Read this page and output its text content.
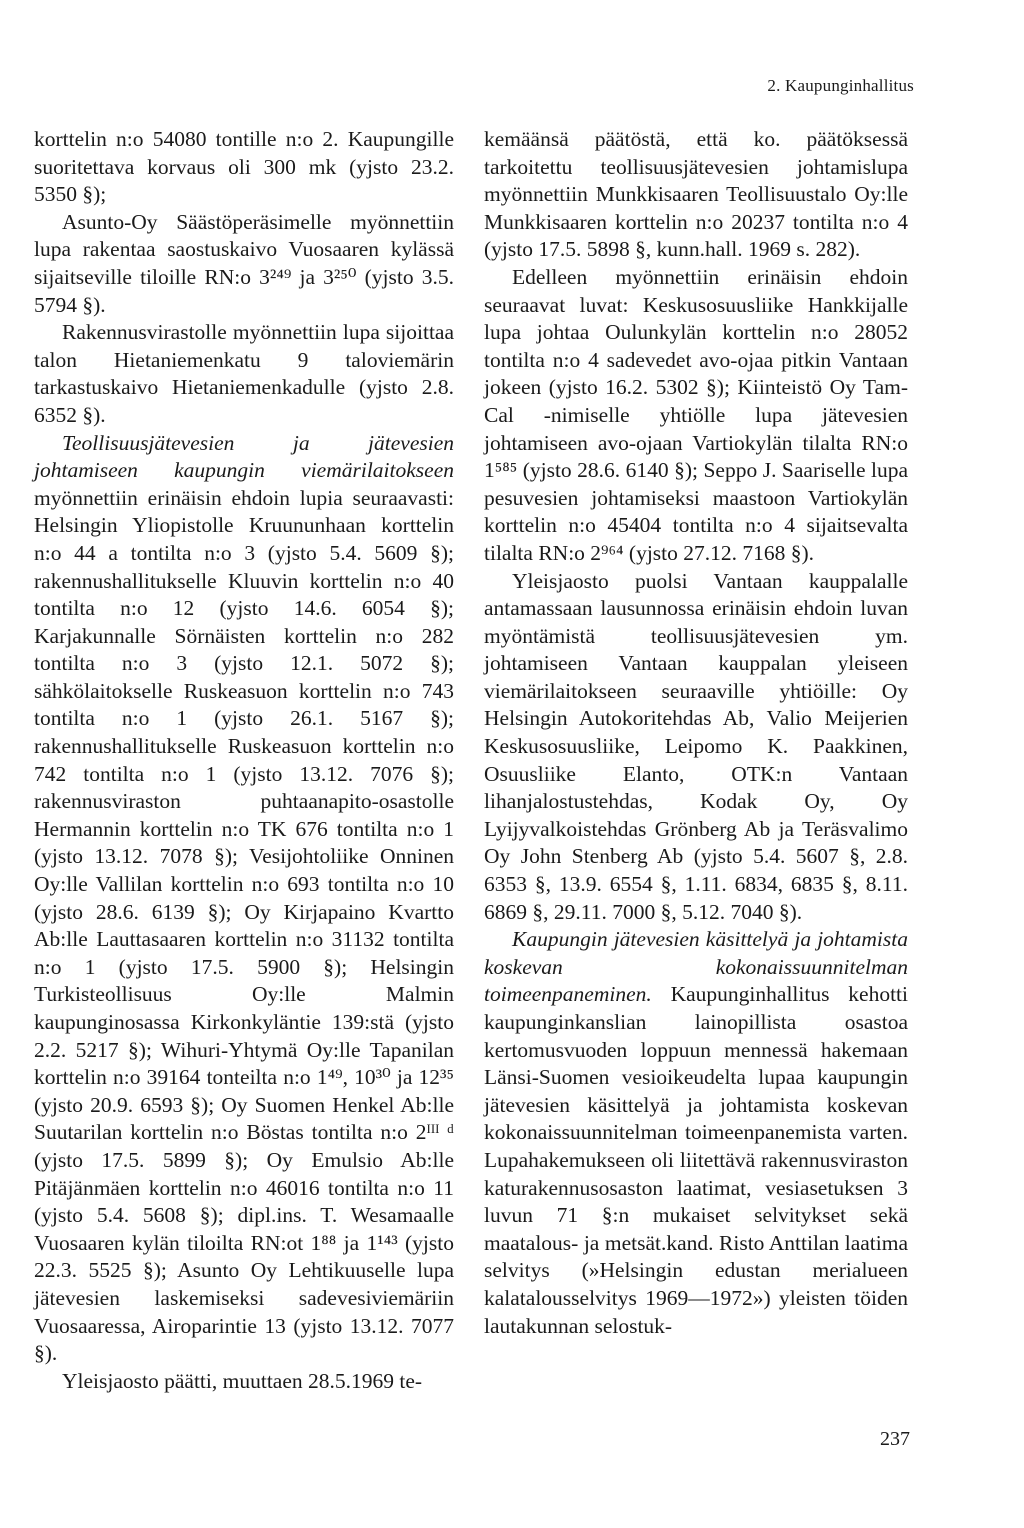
2. Kaupunginhallitus

korttelin n:o 54080 tontille n:o 2. Kaupungille suoritettava korvaus oli 300 mk (yjsto 23.2. 5350 §);

Asunto-Oy Säästöperäsimelle myönnettiin lupa rakentaa saostuskaivo Vuosaaren kylässä sijaitseville tiloille RN:o 3²⁴⁹ ja 3²⁵⁰ (yjsto 3.5. 5794 §).

Rakennusvirastolle myönnettiin lupa sijoittaa talon Hietaniemenkatu 9 taloviemärin tarkastuskaivo Hietaniemenkadulle (yjsto 2.8. 6352 §).

Teollisuusjätevesien ja jätevesien johtamiseen kaupungin viemärilaitokseen myönnettiin erinäisin ehdoin lupia seuraavasti: Helsingin Yliopistolle Kruununhaan korttelin n:o 44 a tontilta n:o 3 (yjsto 5.4. 5609 §); rakennushallitukselle Kluuvin korttelin n:o 40 tontilta n:o 12 (yjsto 14.6. 6054 §); Karjakunnalle Sörnäisten korttelin n:o 282 tontilta n:o 3 (yjsto 12.1. 5072 §); sähkölaitokselle Ruskeasuon korttelin n:o 743 tontilta n:o 1 (yjsto 26.1. 5167 §); rakennushallitukselle Ruskeasuon korttelin n:o 742 tontilta n:o 1 (yjsto 13.12. 7076 §); rakennusviraston puhtaanapito-osastolle Hermannin korttelin n:o TK 676 tontilta n:o 1 (yjsto 13.12. 7078 §); Vesijohtoliike Onninen Oy:lle Vallilan korttelin n:o 693 tontilta n:o 10 (yjsto 28.6. 6139 §); Oy Kirjapaino Kvartto Ab:lle Lauttasaaren korttelin n:o 31132 tontilta n:o 1 (yjsto 17.5. 5900 §); Helsingin Turkisteollisuus Oy:lle Malmin kaupunginosassa Kirkonkyläntie 139:stä (yjsto 2.2. 5217 §); Wihuri-Yhtymä Oy:lle Tapanilan korttelin n:o 39164 tonteilta n:o 1⁴⁹, 10³⁰ ja 12³⁵ (yjsto 20.9. 6593 §); Oy Suomen Henkel Ab:lle Suutarilan korttelin n:o Böstas tontilta n:o 2ᴵᴵᴵ ᵈ (yjsto 17.5. 5899 §); Oy Emulsio Ab:lle Pitäjänmäen korttelin n:o 46016 tontilta n:o 11 (yjsto 5.4. 5608 §); dipl.ins. T. Wesamaalle Vuosaaren kylän tiloilta RN:ot 1⁸⁸ ja 1¹⁴³ (yjsto 22.3. 5525 §); Asunto Oy Lehtikuuselle lupa jätevesien laskemiseksi sadevesiviemäriin Vuosaaressa, Airoparintie 13 (yjsto 13.12. 7077 §).

Yleisjaosto päätti, muuttaen 28.5.1969 te-

kemäänsä päätöstä, että ko. päätöksessä tarkoitettu teollisuusjätevesien johtamislupa myönnettiin Munkkisaaren Teollisuustalo Oy:lle Munkkisaaren korttelin n:o 20237 tontilta n:o 4 (yjsto 17.5. 5898 §, kunn.hall. 1969 s. 282).

Edelleen myönnettiin erinäisin ehdoin seuraavat luvat: Keskusosuusliike Hankkijalle lupa johtaa Oulunkylän korttelin n:o 28052 tontilta n:o 4 sadevedet avo-ojaa pitkin Vantaan jokeen (yjsto 16.2. 5302 §); Kiinteistö Oy Tam-Cal -nimiselle yhtiölle lupa jätevesien johtamiseen avo-ojaan Vartiokylän tilalta RN:o 1⁵⁸⁵ (yjsto 28.6. 6140 §); Seppo J. Saariselle lupa pesuvesien johtamiseksi maastoon Vartiokylän korttelin n:o 45404 tontilta n:o 4 sijaitsevalta tilalta RN:o 2⁹⁶⁴ (yjsto 27.12. 7168 §).

Yleisjaosto puolsi Vantaan kauppalalle antamassaan lausunnossa erinäisin ehdoin luvan myöntämistä teollisuusjätevesien ym. johtamiseen Vantaan kauppalan yleiseen viemärilaitokseen seuraaville yhtiöille: Oy Helsingin Autokoritehdas Ab, Valio Meijerien Keskusosuusliike, Leipomo K. Paakkinen, Osuusliike Elanto, OTK:n Vantaan lihanjalostustehdas, Kodak Oy, Oy Lyijyvalkoistehdas Grönberg Ab ja Teräsvalimo Oy John Stenberg Ab (yjsto 5.4. 5607 §, 2.8. 6353 §, 13.9. 6554 §, 1.11. 6834, 6835 §, 8.11. 6869 §, 29.11. 7000 §, 5.12. 7040 §).

Kaupungin jätevesien käsittelyä ja johtamista koskevan kokonaissuunnitelman toimeenpaneminen. Kaupunginhallitus kehotti kaupunginkanslian lainopillista osastoa kertomusvuoden loppuun mennessä hakemaan Länsi-Suomen vesioikeudelta lupaa kaupungin jätevesien käsittelyä ja johtamista koskevan kokonaissuunnitelman toimeenpanemista varten. Lupahakemukseen oli liitettävä rakennusviraston katurakennusosaston laatimat, vesiasetuksen 3 luvun 71 §:n mukaiset selvitykset sekä maatalous- ja metsät.kand. Risto Anttilan laatima selvitys (»Helsingin edustan merialueen kalatalousselvitys 1969—1972») yleisten töiden lautakunnan selostuk-

237
